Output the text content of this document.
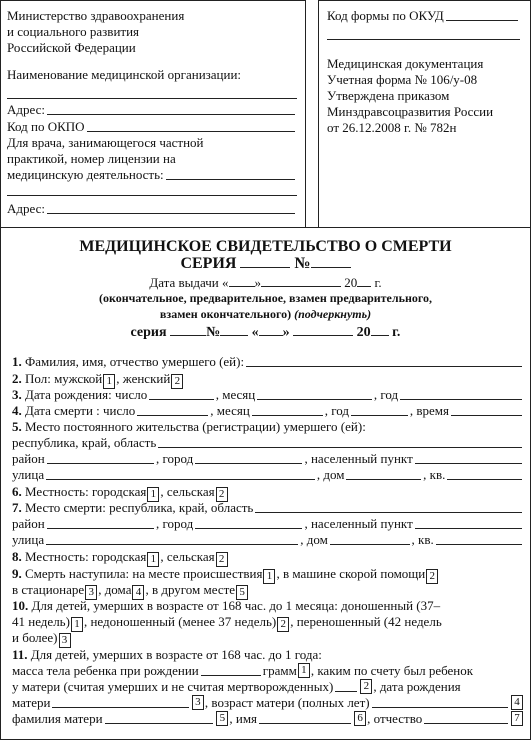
Министерство здравоохранения
и социального развития
Российской Федерации
Наименование медицинской организации:
Адрес:
Код по ОКПО
Для врача, занимающегося частной
практикой, номер лицензии на
медицинскую деятельность:
Адрес:
Код формы по ОКУД
Медицинская документация
Учетная форма № 106/у-08
Утверждена приказом
Минздравсоцразвития России
от 26.12.2008 г. № 782н
МЕДИЦИНСКОЕ СВИДЕТЕЛЬСТВО О СМЕРТИ
СЕРИЯ	№
Дата выдачи « »	20 г.
(окончательное, предварительное, взамен предварительного,
взамен окончательного) (подчеркнуть)
серия	№ « »	20 г.
1.
Фамилия, имя, отчество умершего (ей):
2. Пол: мужской 1 , женский 2
3.
Дата рождения: число	, месяц	, год
4.
Дата смерти : число	, месяц	, год	, время
5. Место постоянного жительства (регистрации) умершего (ей):
республика, край, область
район	, город	, населенный пункт
улица	, дом	, кв.
6. Местность: городская 1 , сельская 2
7.
Место смерти: республика, край, область
район	, город	, населенный пункт
улица	, дом	, кв.
8. Местность: городская 1 , сельская 2
9. Смерть наступила: на месте происшествия 1 , в машине скорой помощи 2
в стационаре 3 , дома 4 , в другом месте 5
10. Для детей, умерших в возрасте от 168 час. до 1 месяца: доношенный (37–
41 недель) 1 , недоношенный (менее 37 недель) 2 , переношенный (42 недель
и более) 3
11. Для детей, умерших в возрасте от 168 час. до 1 года:
масса тела ребенка при рождении	грамм 1 , каким по счету был ребенок
у матери (считая умерших и не считая мертворожденных)	2 , дата рождения
матери	3 , возраст матери (полных лет)	4
фамилия матери	5 , имя	6 , отчество	7
